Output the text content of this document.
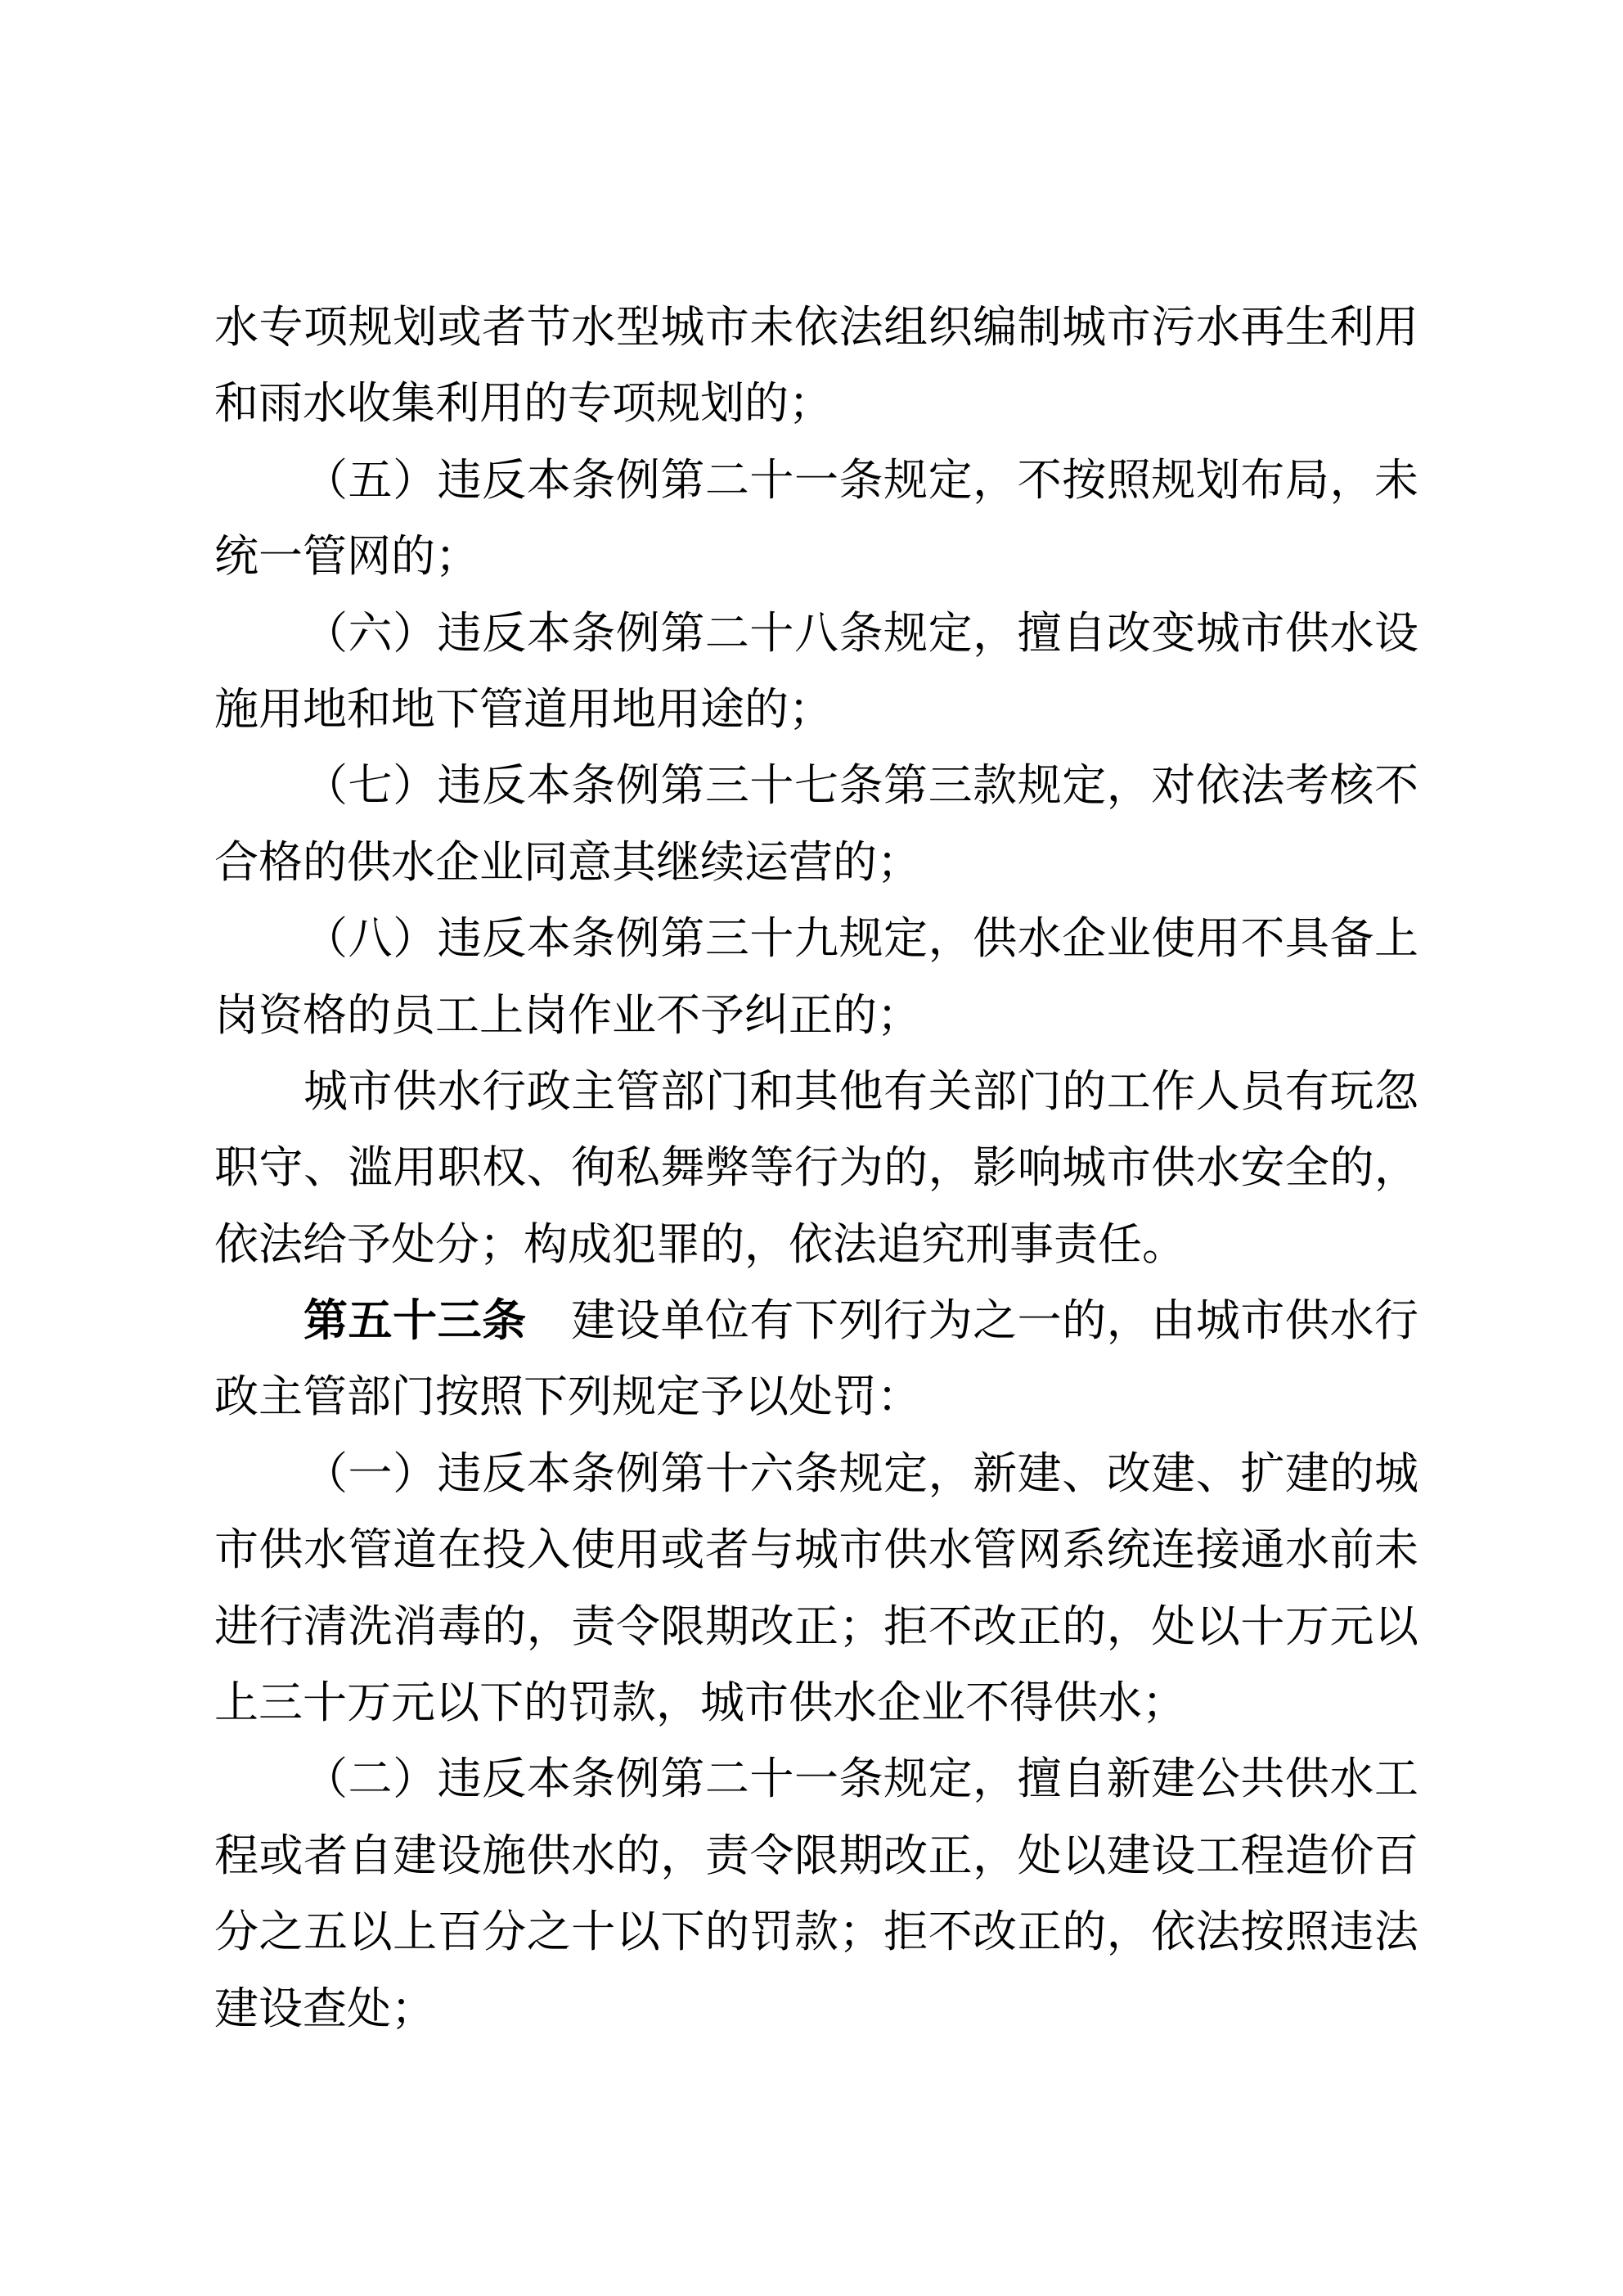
水专项规划或者节水型城市未依法组织编制城市污水再生利用
和雨水收集利用的专项规划的；
（五）违反本条例第二十一条规定，不按照规划布局，未
统一管网的；
（六）违反本条例第二十八条规定，擅自改变城市供水设
施用地和地下管道用地用途的；
（七）违反本条例第三十七条第三款规定，对依法考核不
合格的供水企业同意其继续运营的；
（八）违反本条例第三十九规定，供水企业使用不具备上
岗资格的员工上岗作业不予纠正的；
城市供水行政主管部门和其他有关部门的工作人员有玩忽
职守、滥用职权、徇私舞弊等行为的，影响城市供水安全的，
依法给予处分；构成犯罪的，依法追究刑事责任。
第五十三条　建设单位有下列行为之一的，由城市供水行
政主管部门按照下列规定予以处罚：
（一）违反本条例第十六条规定，新建、改建、扩建的城
市供水管道在投入使用或者与城市供水管网系统连接通水前未
进行清洗消毒的，责令限期改正；拒不改正的，处以十万元以
上三十万元以下的罚款，城市供水企业不得供水；
（二）违反本条例第二十一条规定，擅自新建公共供水工
程或者自建设施供水的，责令限期改正，处以建设工程造价百
分之五以上百分之十以下的罚款；拒不改正的，依法按照违法
建设查处；
